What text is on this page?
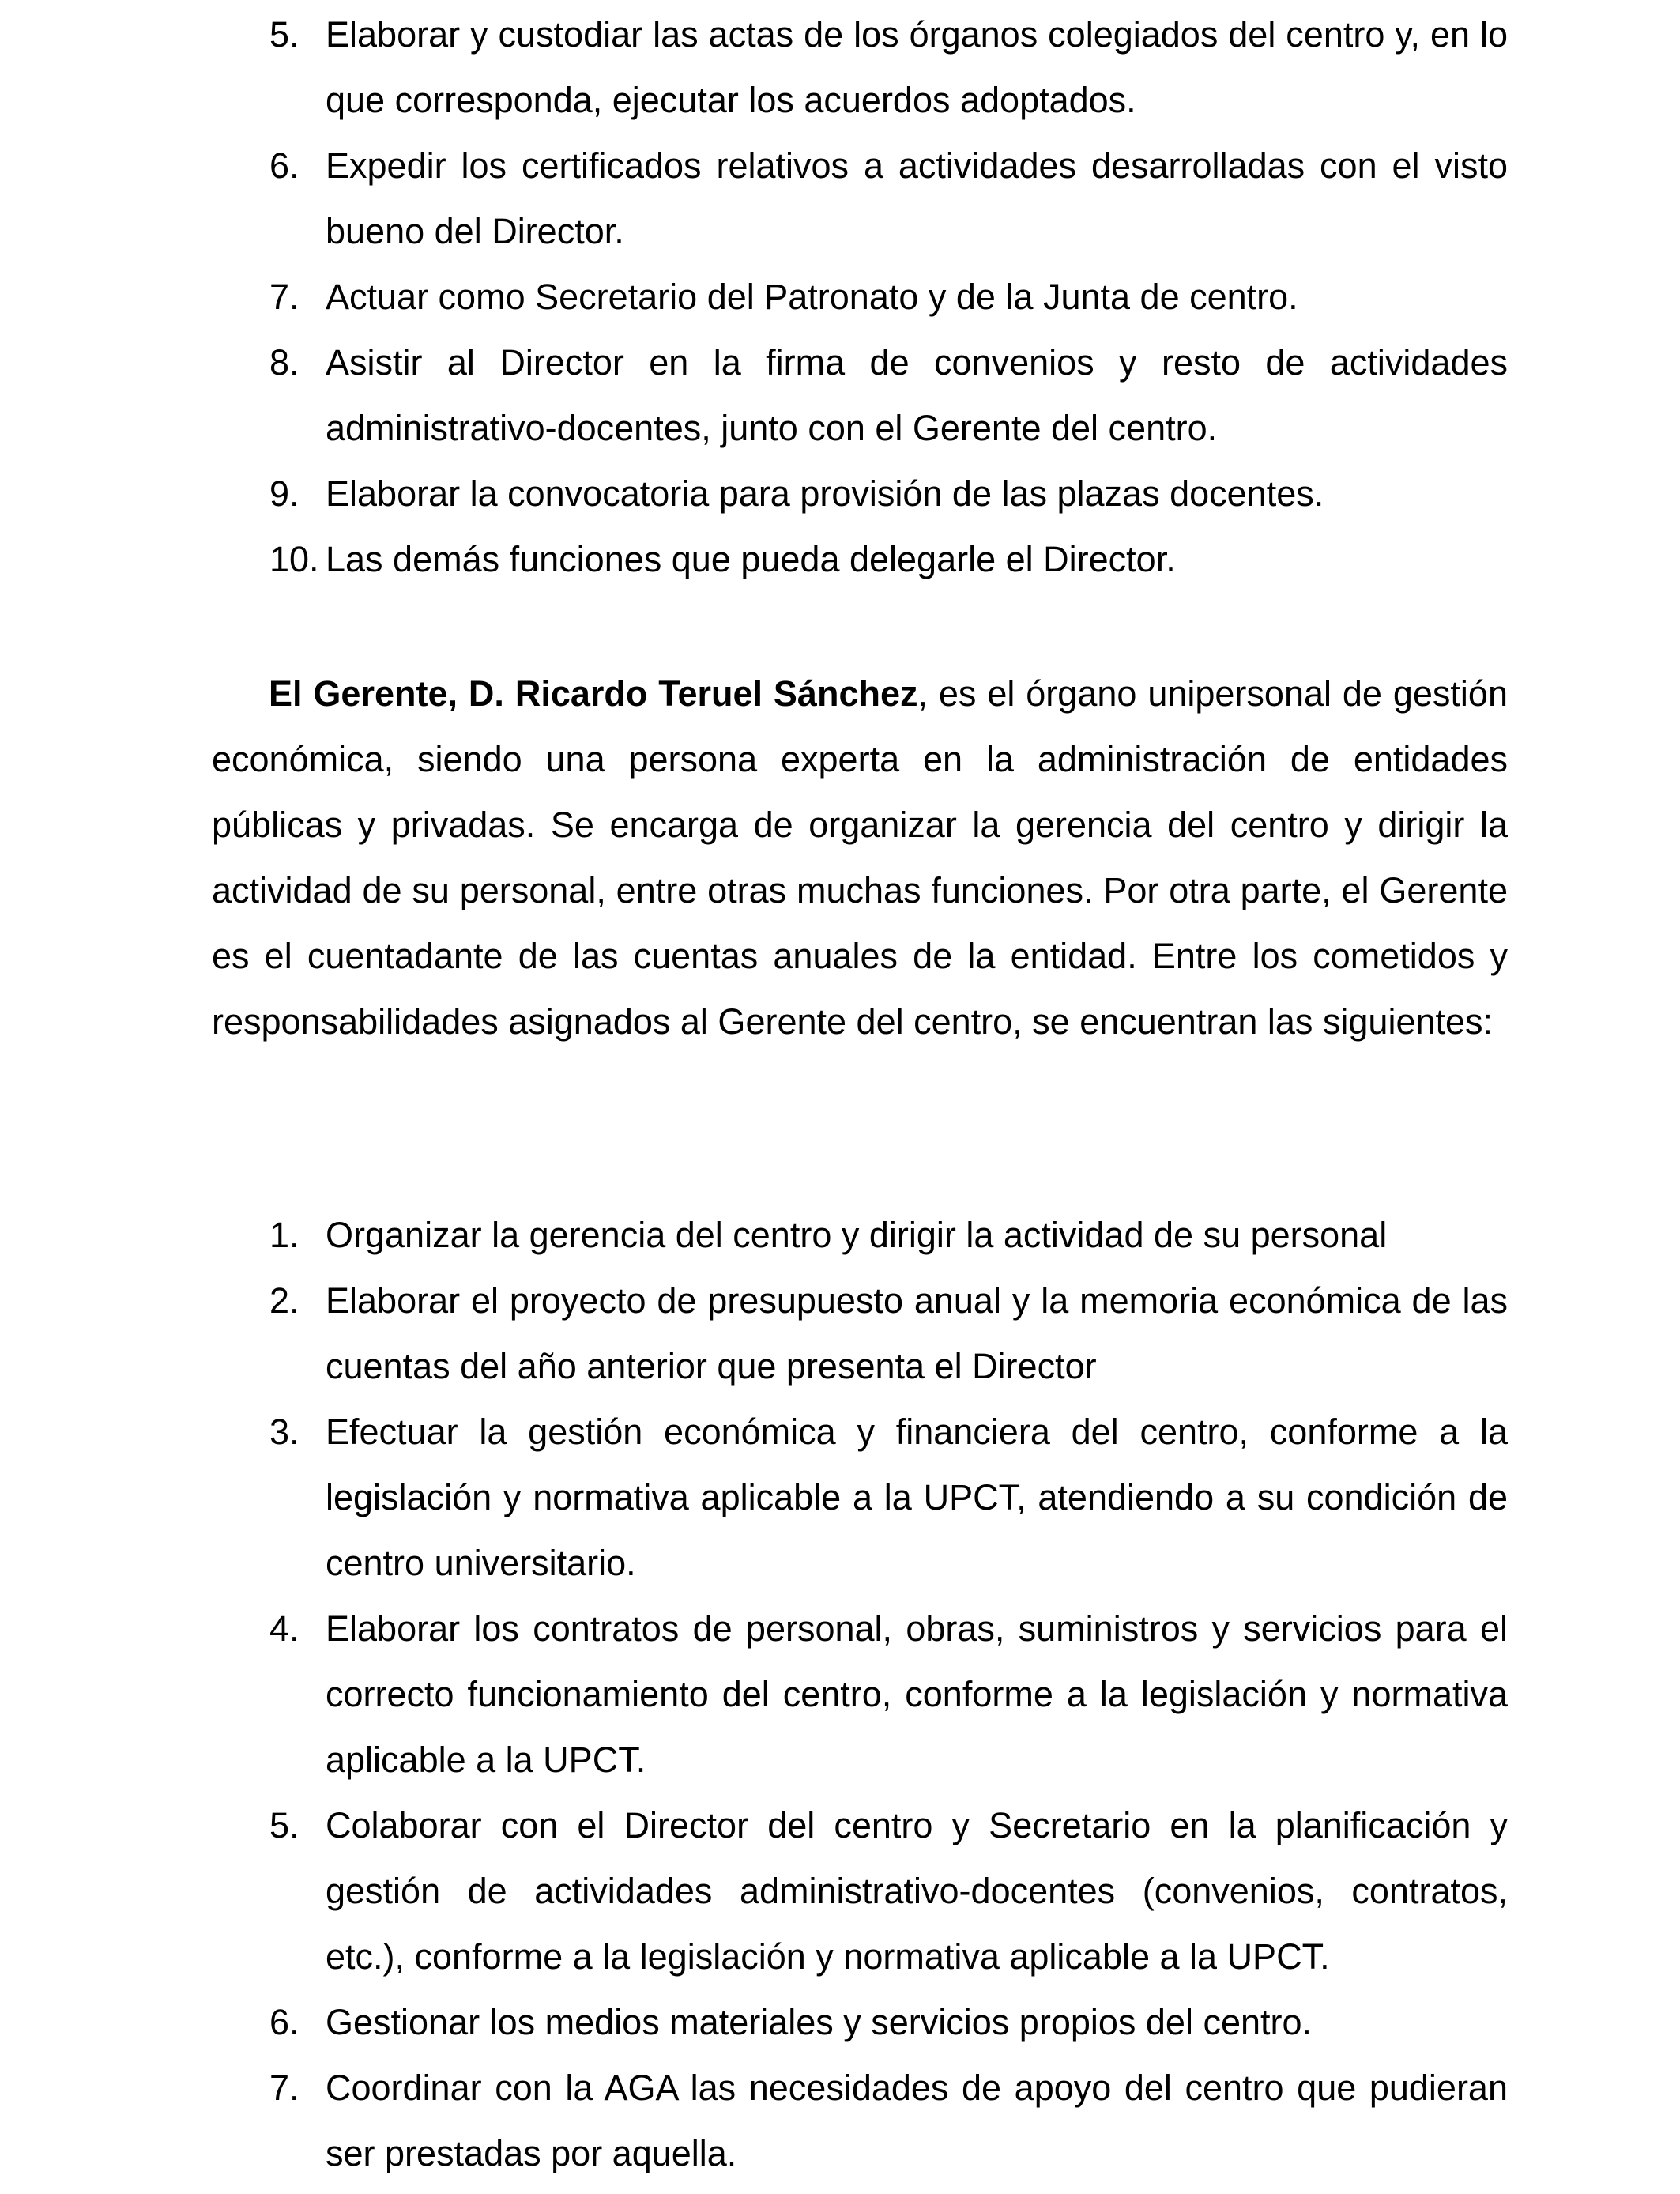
5. Elaborar y custodiar las actas de los órganos colegiados del centro y, en lo que corresponda, ejecutar los acuerdos adoptados.
6. Expedir los certificados relativos a actividades desarrolladas con el visto bueno del Director.
7. Actuar como Secretario del Patronato y de la Junta de centro.
8. Asistir al Director en la firma de convenios y resto de actividades administrativo-docentes, junto con el Gerente del centro.
9. Elaborar la convocatoria para provisión de las plazas docentes.
10. Las demás funciones que pueda delegarle el Director.

El Gerente, D. Ricardo Teruel Sánchez, es el órgano unipersonal de gestión económica, siendo una persona experta en la administración de entidades públicas y privadas. Se encarga de organizar la gerencia del centro y dirigir la actividad de su personal, entre otras muchas funciones. Por otra parte, el Gerente es el cuentadante de las cuentas anuales de la entidad. Entre los cometidos y responsabilidades asignados al Gerente del centro, se encuentran las siguientes:

1. Organizar la gerencia del centro y dirigir la actividad de su personal
2. Elaborar el proyecto de presupuesto anual y la memoria económica de las cuentas del año anterior que presenta el Director
3. Efectuar la gestión económica y financiera del centro, conforme a la legislación y normativa aplicable a la UPCT, atendiendo a su condición de centro universitario.
4. Elaborar los contratos de personal, obras, suministros y servicios para el correcto funcionamiento del centro, conforme a la legislación y normativa aplicable a la UPCT.
5. Colaborar con el Director del centro y Secretario en la planificación y gestión de actividades administrativo-docentes (convenios, contratos, etc.), conforme a la legislación y normativa aplicable a la UPCT.
6. Gestionar los medios materiales y servicios propios del centro.
7. Coordinar con la AGA las necesidades de apoyo del centro que pudieran ser prestadas por aquella.
